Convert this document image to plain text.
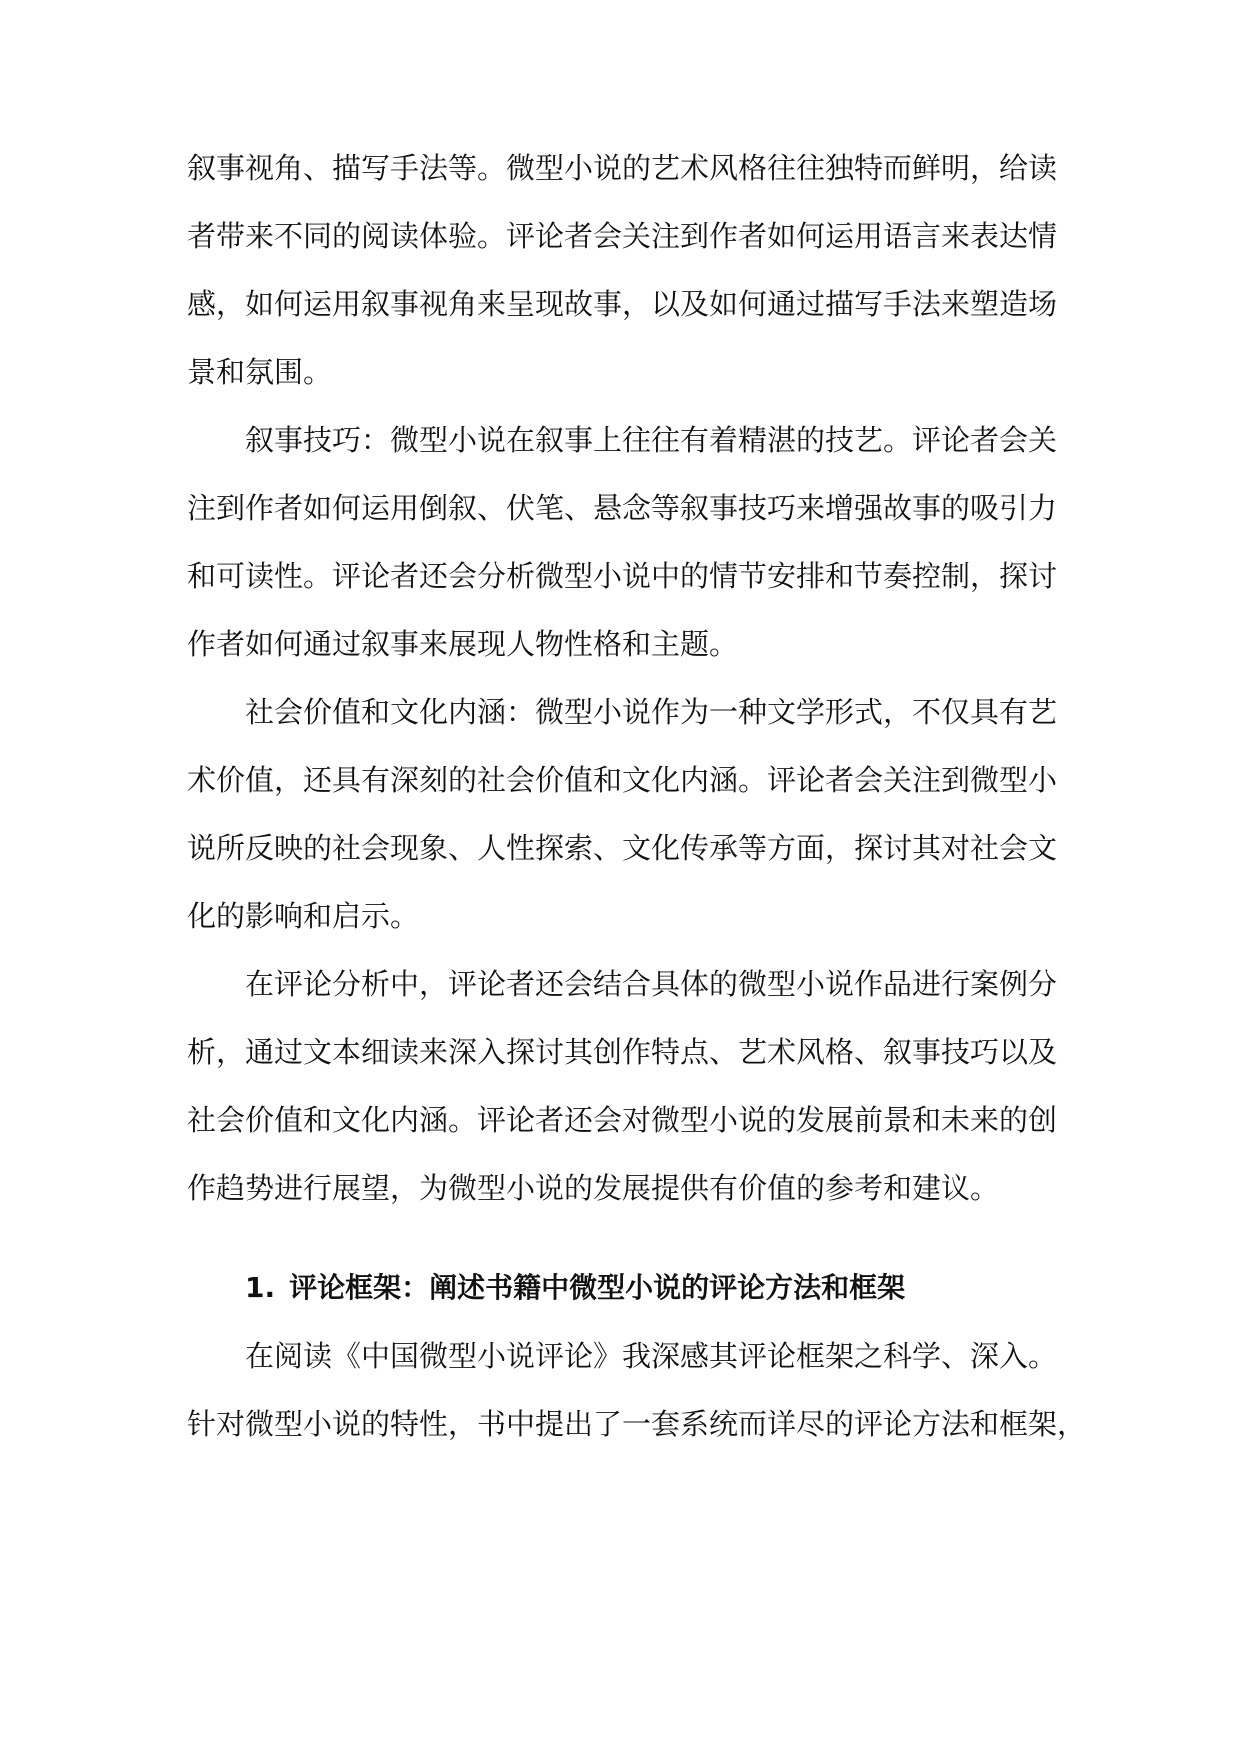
叙事视角、描写手法等。微型小说的艺术风格往往独特而鲜明，给读
者带来不同的阅读体验。评论者会关注到作者如何运用语言来表达情
感，如何运用叙事视角来呈现故事，以及如何通过描写手法来塑造场
景和氛围。
叙事技巧：微型小说在叙事上往往有着精湛的技艺。评论者会关
注到作者如何运用倒叙、伏笔、悬念等叙事技巧来增强故事的吸引力
和可读性。评论者还会分析微型小说中的情节安排和节奏控制，探讨
作者如何通过叙事来展现人物性格和主题。
社会价值和文化内涵：微型小说作为一种文学形式，不仅具有艺
术价值，还具有深刻的社会价值和文化内涵。评论者会关注到微型小
说所反映的社会现象、人性探索、文化传承等方面，探讨其对社会文
化的影响和启示。
在评论分析中，评论者还会结合具体的微型小说作品进行案例分
析，通过文本细读来深入探讨其创作特点、艺术风格、叙事技巧以及
社会价值和文化内涵。评论者还会对微型小说的发展前景和未来的创
作趋势进行展望，为微型小说的发展提供有价值的参考和建议。
1. 评论框架：阐述书籍中微型小说的评论方法和框架
在阅读《中国微型小说评论》我深感其评论框架之科学、深入。
针对微型小说的特性，书中提出了一套系统而详尽的评论方法和框架，
